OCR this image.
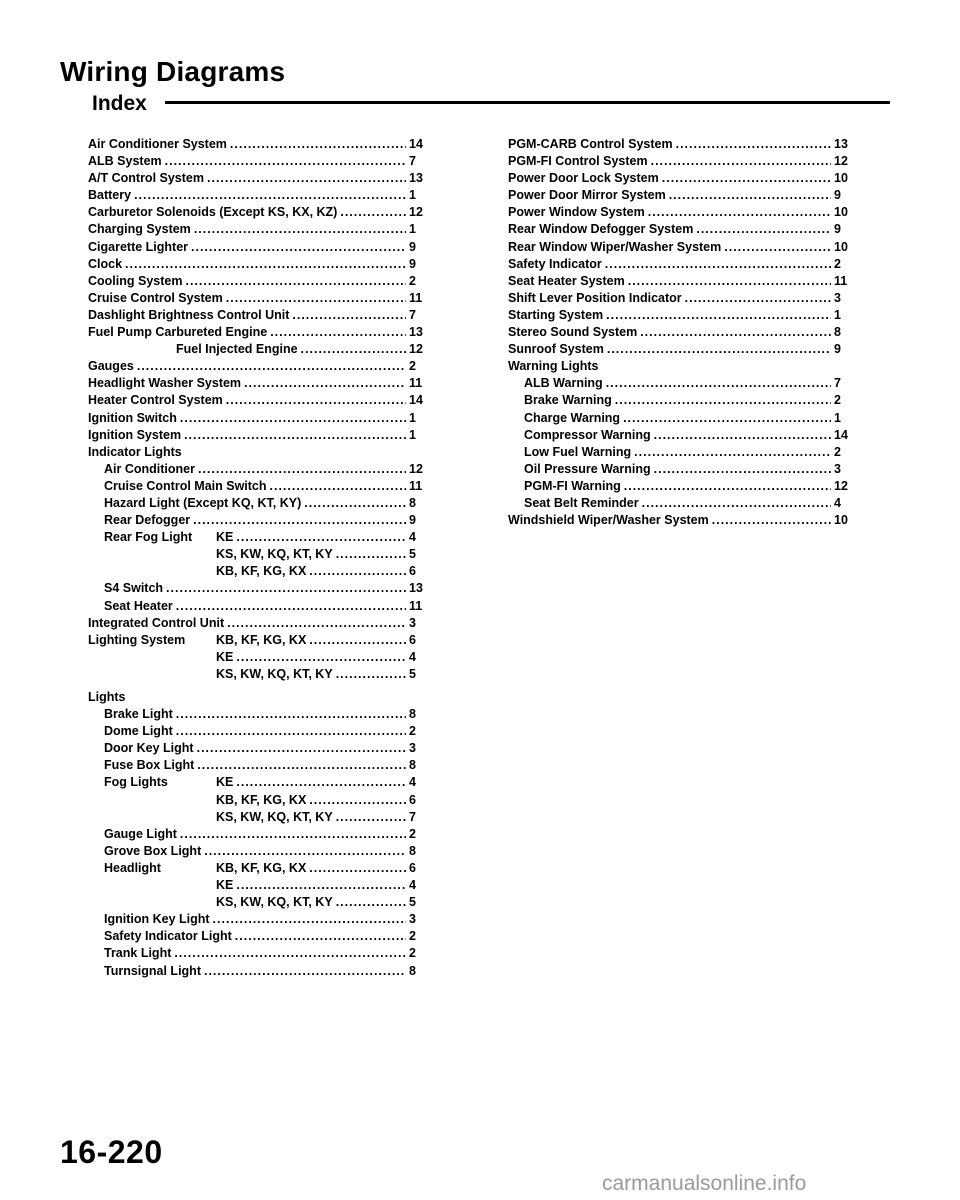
Wiring Diagrams
Index
Air Conditioner System .....	14
ALB System .....	7
A/T Control System .....	13
Battery .....	1
Carburetor Solenoids (Except KS, KX, KZ) .....	12
Charging System .....	1
Cigarette Lighter .....	9
Clock .....	9
Cooling System .....	2
Cruise Control System .....	11
Dashlight Brightness Control Unit .....	7
Fuel Pump Carbureted Engine .....	13
Fuel Injected Engine .....	12
Gauges .....	2
Headlight Washer System .....	11
Heater Control System .....	14
Ignition Switch .....	1
Ignition System .....	1
Indicator Lights
Air Conditioner .....	12
Cruise Control Main Switch .....	11
Hazard Light (Except KQ, KT, KY) .....	8
Rear Defogger .....	9
Rear Fog Light	KE .....	4
KS, KW, KQ, KT, KY .....	5
KB, KF, KG, KX .....	6
S4 Switch .....	13
Seat Heater .....	11
Integrated Control Unit .....	3
Lighting System	KB, KF, KG, KX .....	6
KE .....	4
KS, KW, KQ, KT, KY .....	5
Lights
Brake Light .....	8
Dome Light .....	2
Door Key Light .....	3
Fuse Box Light .....	8
Fog Lights	KE .....	4
KB, KF, KG, KX .....	6
KS, KW, KQ, KT, KY .....	7
Gauge Light .....	2
Grove Box Light .....	8
Headlight	KB, KF, KG, KX .....	6
KE .....	4
KS, KW, KQ, KT, KY .....	5
Ignition Key Light .....	3
Safety Indicator Light .....	2
Trank Light .....	2
Turnsignal Light .....	8
PGM-CARB Control System .....	13
PGM-FI Control System .....	12
Power Door Lock System .....	10
Power Door Mirror System .....	9
Power Window System .....	10
Rear Window Defogger System .....	9
Rear Window Wiper/Washer System .....	10
Safety Indicator .....	2
Seat Heater System .....	11
Shift Lever Position Indicator .....	3
Starting System .....	1
Stereo Sound System .....	8
Sunroof System .....	9
Warning Lights
ALB Warning .....	7
Brake Warning .....	2
Charge Warning .....	1
Compressor Warning .....	14
Low Fuel Warning .....	2
Oil Pressure Warning .....	3
PGM-FI Warning .....	12
Seat Belt Reminder .....	4
Windshield Wiper/Washer System .....	10
16-220
carmanualsonline.info
